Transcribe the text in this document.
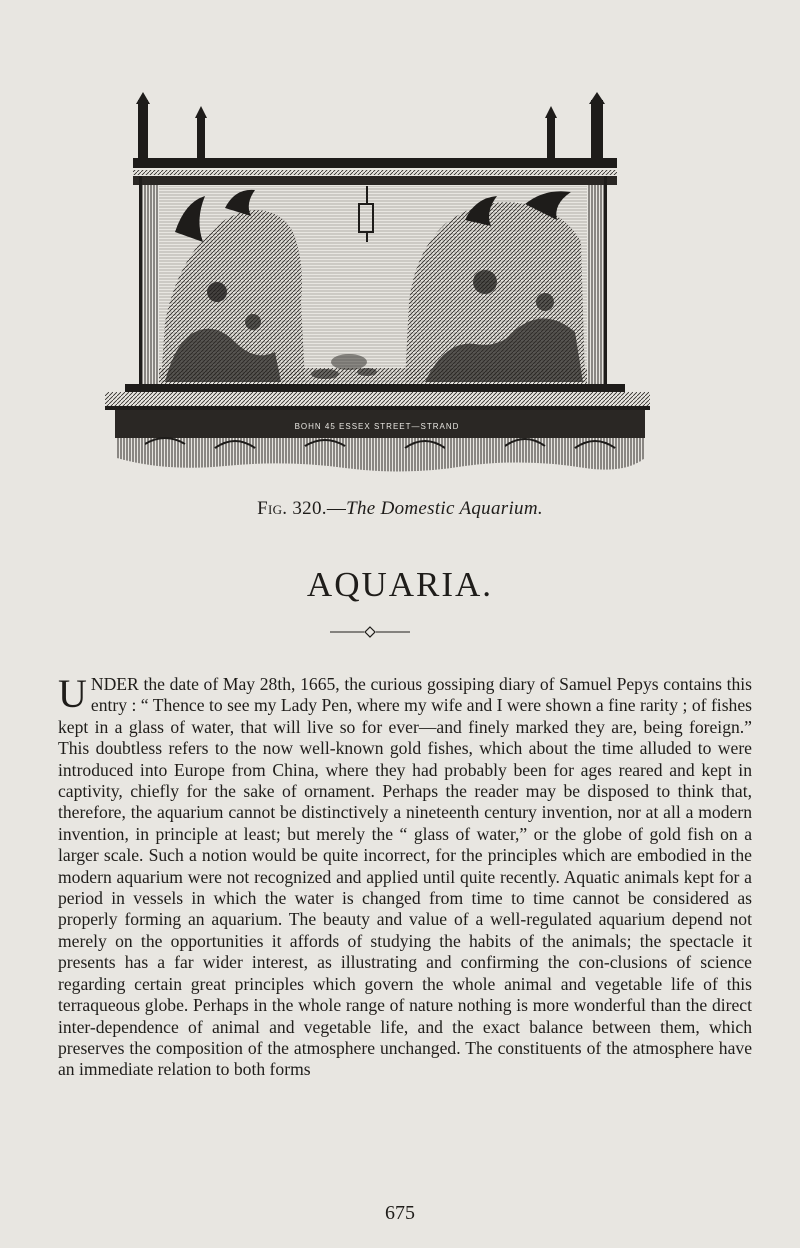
BOHN 45 ESSEX STREET—STRAND
Fig. 320.—The Domestic Aquarium.
AQUARIA.

UNDER the date of May 28th, 1665, the curious gossiping diary of Samuel Pepys contains this entry : “ Thence to see my Lady Pen, where my wife and I were shown a fine rarity ; of fishes kept in a glass of water, that will live so for ever—and finely marked they are, being foreign.” This doubtless refers to the now well-known gold fishes, which about the time alluded to were introduced into Europe from China, where they had probably been for ages reared and kept in captivity, chiefly for the sake of ornament. Perhaps the reader may be disposed to think that, therefore, the aquarium cannot be distinctively a nineteenth century invention, nor at all a modern invention, in principle at least; but merely the “ glass of water,” or the globe of gold fish on a larger scale. Such a notion would be quite incorrect, for the principles which are embodied in the modern aquarium were not recognized and applied until quite recently. Aquatic animals kept for a period in vessels in which the water is changed from time to time cannot be considered as properly forming an aquarium. The beauty and value of a well-regulated aquarium depend not merely on the opportunities it affords of studying the habits of the animals; the spectacle it presents has a far wider interest, as illustrating and confirming the con-clusions of science regarding certain great principles which govern the whole animal and vegetable life of this terraqueous globe. Perhaps in the whole range of nature nothing is more wonderful than the direct inter-dependence of animal and vegetable life, and the exact balance between them, which preserves the composition of the atmosphere unchanged. The constituents of the atmosphere have an immediate relation to both forms

675
